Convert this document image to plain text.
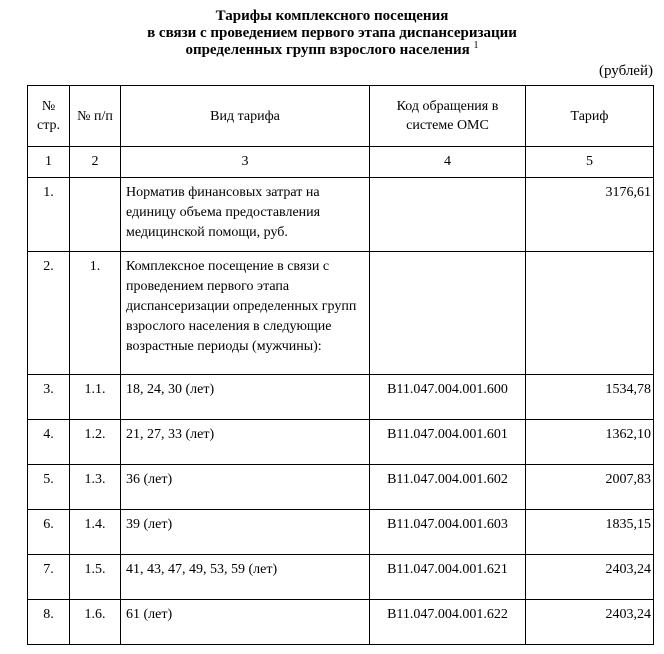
Тарифы комплексного посещения
в связи с проведением первого этапа диспансеризации
определенных групп взрослого населения $^1$
(рублей)
№ стр.	№ п/п	Вид тарифа	Код обращения в системе ОМС	Тариф
1	2	3	4	5
1.		Норматив финансовых затрат на единицу объема предоставления медицинской помощи, руб.		3176,61
2.	1.	Комплексное посещение в связи с проведением первого этапа диспансеризации определенных групп взрослого населения в следующие возрастные периоды (мужчины):		
3.	1.1.	18, 24, 30 (лет)	B11.047.004.001.600	1534,78
4.	1.2.	21, 27, 33 (лет)	B11.047.004.001.601	1362,10
5.	1.3.	36 (лет)	B11.047.004.001.602	2007,83
6.	1.4.	39 (лет)	B11.047.004.001.603	1835,15
7.	1.5.	41, 43, 47, 49, 53, 59 (лет)	B11.047.004.001.621	2403,24
8.	1.6.	61 (лет)	B11.047.004.001.622	2403,24
